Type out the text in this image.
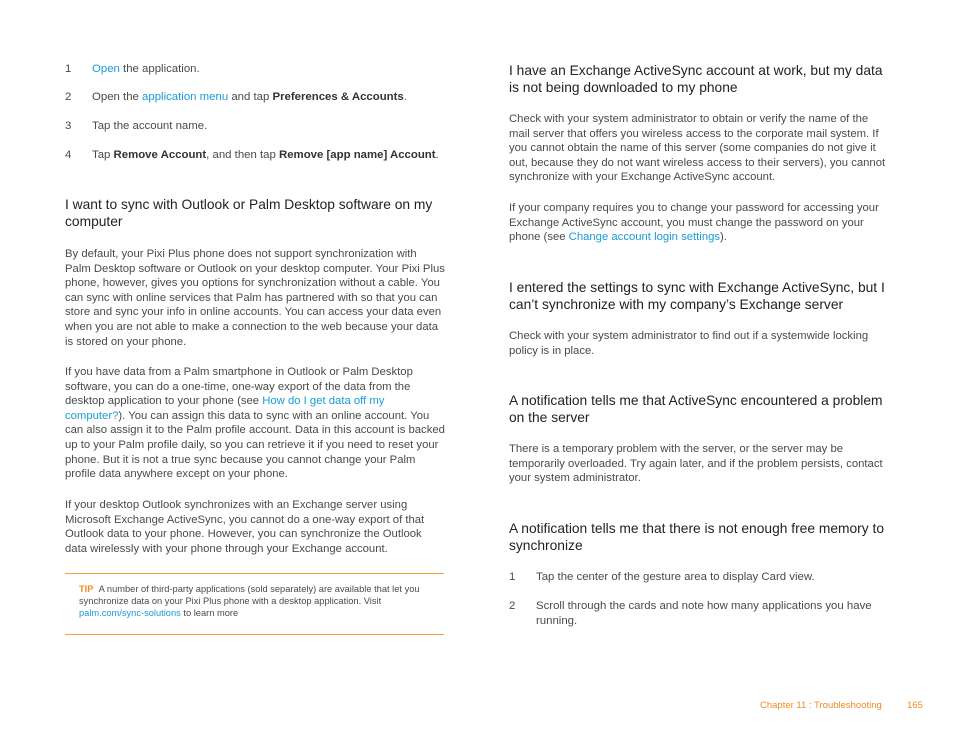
1 Open the application.
2 Open the application menu and tap Preferences & Accounts.
3 Tap the account name.
4 Tap Remove Account, and then tap Remove [app name] Account.
I want to sync with Outlook or Palm Desktop software on my computer
By default, your Pixi Plus phone does not support synchronization with Palm Desktop software or Outlook on your desktop computer. Your Pixi Plus phone, however, gives you options for synchronization without a cable. You can sync with online services that Palm has partnered with so that you can store and sync your info in online accounts. You can access your data even when you are not able to make a connection to the web because your data is stored on your phone.
If you have data from a Palm smartphone in Outlook or Palm Desktop software, you can do a one-time, one-way export of the data from the desktop application to your phone (see How do I get data off my computer?). You can assign this data to sync with an online account. You can also assign it to the Palm profile account. Data in this account is backed up to your Palm profile daily, so you can retrieve it if you need to reset your phone. But it is not a true sync because you cannot change your Palm profile data anywhere except on your phone.
If your desktop Outlook synchronizes with an Exchange server using Microsoft Exchange ActiveSync, you cannot do a one-way export of that Outlook data to your phone. However, you can synchronize the Outlook data wirelessly with your phone through your Exchange account.
TIP A number of third-party applications (sold separately) are available that let you synchronize data on your Pixi Plus phone with a desktop application. Visit palm.com/sync-solutions to learn more
I have an Exchange ActiveSync account at work, but my data is not being downloaded to my phone
Check with your system administrator to obtain or verify the name of the mail server that offers you wireless access to the corporate mail system. If you cannot obtain the name of this server (some companies do not give it out, because they do not want wireless access to their servers), you cannot synchronize with your Exchange ActiveSync account.
If your company requires you to change your password for accessing your Exchange ActiveSync account, you must change the password on your phone (see Change account login settings).
I entered the settings to sync with Exchange ActiveSync, but I can’t synchronize with my company’s Exchange server
Check with your system administrator to find out if a systemwide locking policy is in place.
A notification tells me that ActiveSync encountered a problem on the server
There is a temporary problem with the server, or the server may be temporarily overloaded. Try again later, and if the problem persists, contact your system administrator.
A notification tells me that there is not enough free memory to synchronize
1 Tap the center of the gesture area to display Card view.
2 Scroll through the cards and note how many applications you have running.
Chapter 11 : Troubleshooting	165
